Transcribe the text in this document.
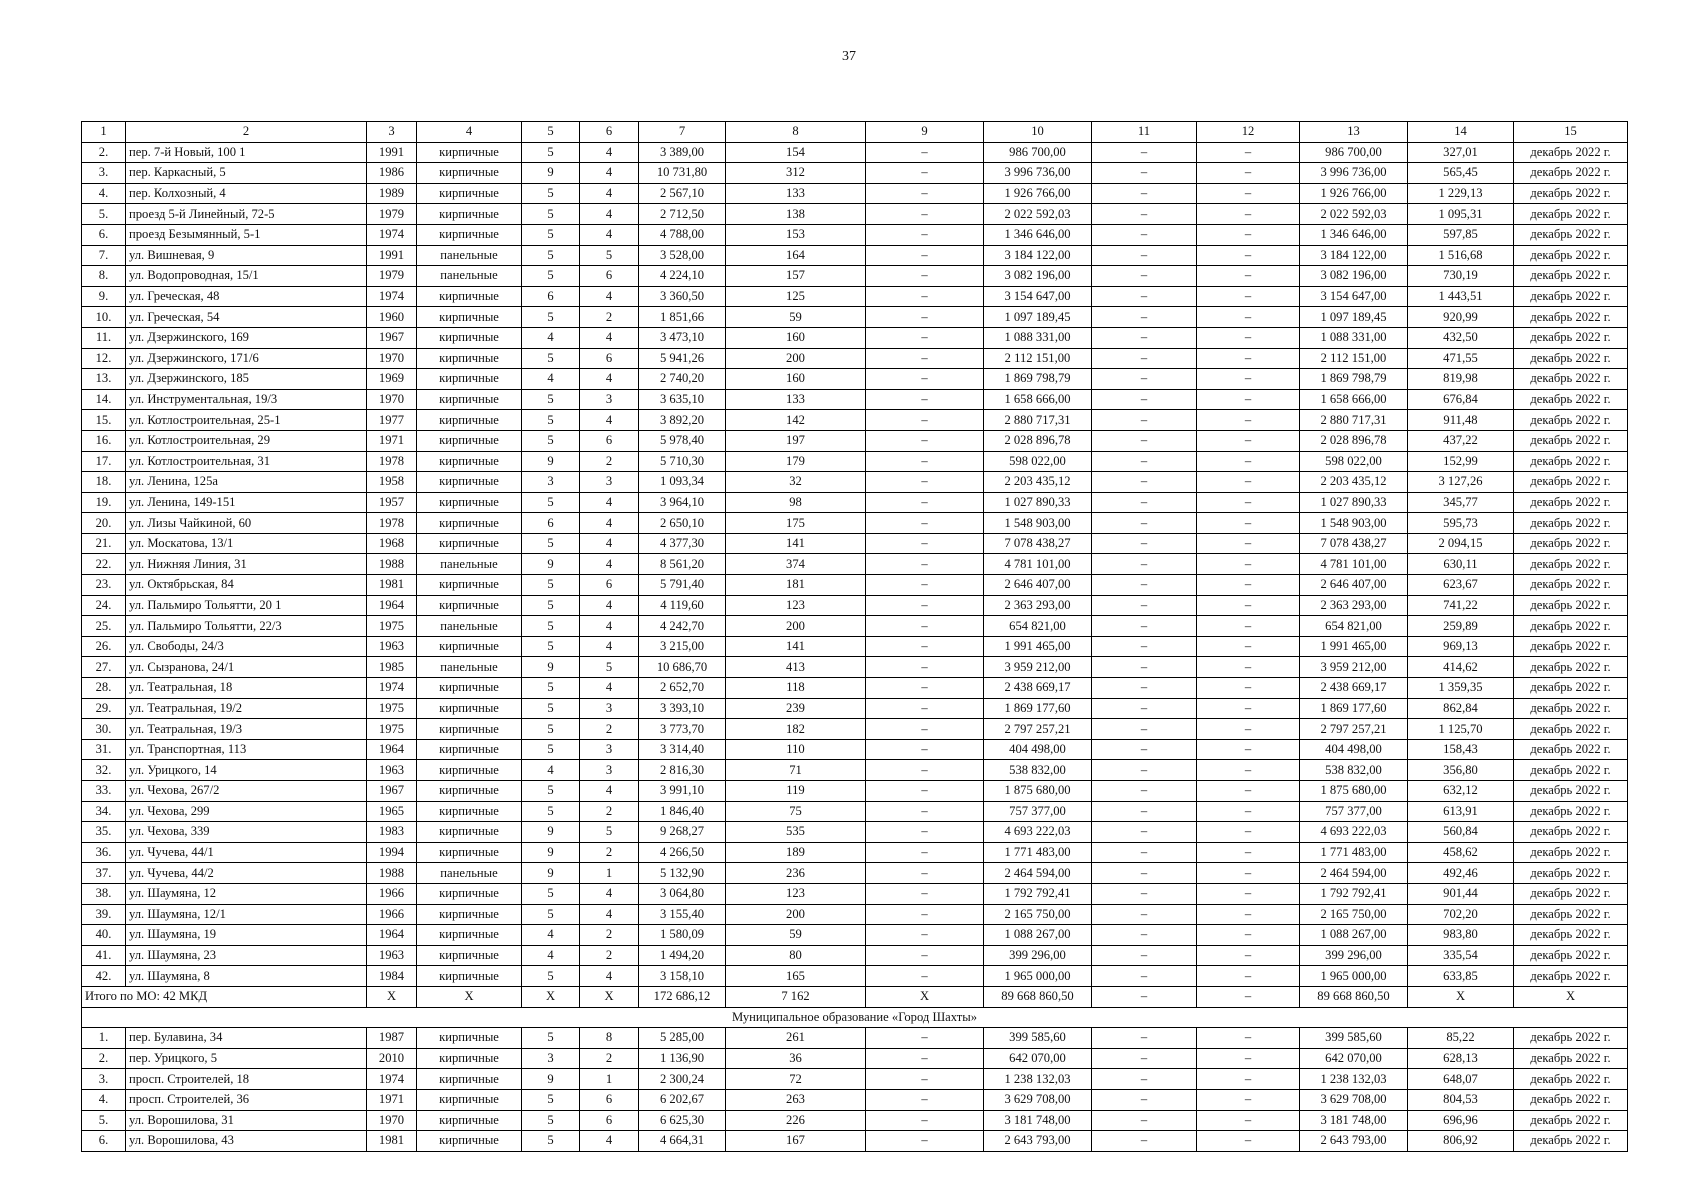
37
1	2	3	4	5	6	7	8	9	10	11	12	13	14	15
2.	пер. 7-й Новый, 100 1	1991	кирпичные	5	4	3 389,00	154	–	986 700,00	–	–	986 700,00	327,01	декабрь 2022 г.
3.	пер. Каркасный, 5	1986	кирпичные	9	4	10 731,80	312	–	3 996 736,00	–	–	3 996 736,00	565,45	декабрь 2022 г.
4.	пер. Колхозный, 4	1989	кирпичные	5	4	2 567,10	133	–	1 926 766,00	–	–	1 926 766,00	1 229,13	декабрь 2022 г.
5.	проезд 5-й Линейный, 72-5	1979	кирпичные	5	4	2 712,50	138	–	2 022 592,03	–	–	2 022 592,03	1 095,31	декабрь 2022 г.
6.	проезд Безымянный, 5-1	1974	кирпичные	5	4	4 788,00	153	–	1 346 646,00	–	–	1 346 646,00	597,85	декабрь 2022 г.
7.	ул. Вишневая, 9	1991	панельные	5	5	3 528,00	164	–	3 184 122,00	–	–	3 184 122,00	1 516,68	декабрь 2022 г.
8.	ул. Водопроводная, 15/1	1979	панельные	5	6	4 224,10	157	–	3 082 196,00	–	–	3 082 196,00	730,19	декабрь 2022 г.
9.	ул. Греческая, 48	1974	кирпичные	6	4	3 360,50	125	–	3 154 647,00	–	–	3 154 647,00	1 443,51	декабрь 2022 г.
10.	ул. Греческая, 54	1960	кирпичные	5	2	1 851,66	59	–	1 097 189,45	–	–	1 097 189,45	920,99	декабрь 2022 г.
11.	ул. Дзержинского, 169	1967	кирпичные	4	4	3 473,10	160	–	1 088 331,00	–	–	1 088 331,00	432,50	декабрь 2022 г.
12.	ул. Дзержинского, 171/6	1970	кирпичные	5	6	5 941,26	200	–	2 112 151,00	–	–	2 112 151,00	471,55	декабрь 2022 г.
13.	ул. Дзержинского, 185	1969	кирпичные	4	4	2 740,20	160	–	1 869 798,79	–	–	1 869 798,79	819,98	декабрь 2022 г.
14.	ул. Инструментальная, 19/3	1970	кирпичные	5	3	3 635,10	133	–	1 658 666,00	–	–	1 658 666,00	676,84	декабрь 2022 г.
15.	ул. Котлостроительная, 25-1	1977	кирпичные	5	4	3 892,20	142	–	2 880 717,31	–	–	2 880 717,31	911,48	декабрь 2022 г.
16.	ул. Котлостроительная, 29	1971	кирпичные	5	6	5 978,40	197	–	2 028 896,78	–	–	2 028 896,78	437,22	декабрь 2022 г.
17.	ул. Котлостроительная, 31	1978	кирпичные	9	2	5 710,30	179	–	598 022,00	–	–	598 022,00	152,99	декабрь 2022 г.
18.	ул. Ленина, 125а	1958	кирпичные	3	3	1 093,34	32	–	2 203 435,12	–	–	2 203 435,12	3 127,26	декабрь 2022 г.
19.	ул. Ленина, 149-151	1957	кирпичные	5	4	3 964,10	98	–	1 027 890,33	–	–	1 027 890,33	345,77	декабрь 2022 г.
20.	ул. Лизы Чайкиной, 60	1978	кирпичные	6	4	2 650,10	175	–	1 548 903,00	–	–	1 548 903,00	595,73	декабрь 2022 г.
21.	ул. Москатова, 13/1	1968	кирпичные	5	4	4 377,30	141	–	7 078 438,27	–	–	7 078 438,27	2 094,15	декабрь 2022 г.
22.	ул. Нижняя Линия, 31	1988	панельные	9	4	8 561,20	374	–	4 781 101,00	–	–	4 781 101,00	630,11	декабрь 2022 г.
23.	ул. Октябрьская, 84	1981	кирпичные	5	6	5 791,40	181	–	2 646 407,00	–	–	2 646 407,00	623,67	декабрь 2022 г.
24.	ул. Пальмиро Тольятти, 20 1	1964	кирпичные	5	4	4 119,60	123	–	2 363 293,00	–	–	2 363 293,00	741,22	декабрь 2022 г.
25.	ул. Пальмиро Тольятти, 22/3	1975	панельные	5	4	4 242,70	200	–	654 821,00	–	–	654 821,00	259,89	декабрь 2022 г.
26.	ул. Свободы, 24/3	1963	кирпичные	5	4	3 215,00	141	–	1 991 465,00	–	–	1 991 465,00	969,13	декабрь 2022 г.
27.	ул. Сызранова, 24/1	1985	панельные	9	5	10 686,70	413	–	3 959 212,00	–	–	3 959 212,00	414,62	декабрь 2022 г.
28.	ул. Театральная, 18	1974	кирпичные	5	4	2 652,70	118	–	2 438 669,17	–	–	2 438 669,17	1 359,35	декабрь 2022 г.
29.	ул. Театральная, 19/2	1975	кирпичные	5	3	3 393,10	239	–	1 869 177,60	–	–	1 869 177,60	862,84	декабрь 2022 г.
30.	ул. Театральная, 19/3	1975	кирпичные	5	2	3 773,70	182	–	2 797 257,21	–	–	2 797 257,21	1 125,70	декабрь 2022 г.
31.	ул. Транспортная, 113	1964	кирпичные	5	3	3 314,40	110	–	404 498,00	–	–	404 498,00	158,43	декабрь 2022 г.
32.	ул. Урицкого, 14	1963	кирпичные	4	3	2 816,30	71	–	538 832,00	–	–	538 832,00	356,80	декабрь 2022 г.
33.	ул. Чехова, 267/2	1967	кирпичные	5	4	3 991,10	119	–	1 875 680,00	–	–	1 875 680,00	632,12	декабрь 2022 г.
34.	ул. Чехова, 299	1965	кирпичные	5	2	1 846,40	75	–	757 377,00	–	–	757 377,00	613,91	декабрь 2022 г.
35.	ул. Чехова, 339	1983	кирпичные	9	5	9 268,27	535	–	4 693 222,03	–	–	4 693 222,03	560,84	декабрь 2022 г.
36.	ул. Чучева, 44/1	1994	кирпичные	9	2	4 266,50	189	–	1 771 483,00	–	–	1 771 483,00	458,62	декабрь 2022 г.
37.	ул. Чучева, 44/2	1988	панельные	9	1	5 132,90	236	–	2 464 594,00	–	–	2 464 594,00	492,46	декабрь 2022 г.
38.	ул. Шаумяна, 12	1966	кирпичные	5	4	3 064,80	123	–	1 792 792,41	–	–	1 792 792,41	901,44	декабрь 2022 г.
39.	ул. Шаумяна, 12/1	1966	кирпичные	5	4	3 155,40	200	–	2 165 750,00	–	–	2 165 750,00	702,20	декабрь 2022 г.
40.	ул. Шаумяна, 19	1964	кирпичные	4	2	1 580,09	59	–	1 088 267,00	–	–	1 088 267,00	983,80	декабрь 2022 г.
41.	ул. Шаумяна, 23	1963	кирпичные	4	2	1 494,20	80	–	399 296,00	–	–	399 296,00	335,54	декабрь 2022 г.
42.	ул. Шаумяна, 8	1984	кирпичные	5	4	3 158,10	165	–	1 965 000,00	–	–	1 965 000,00	633,85	декабрь 2022 г.
Итого по МО: 42 МКД		X	X	X	X	172 686,12	7 162	X	89 668 860,50	–	–	89 668 860,50	X	X
Муниципальное образование «Город Шахты»														
1.	пер. Булавина, 34	1987	кирпичные	5	8	5 285,00	261	–	399 585,60	–	–	399 585,60	85,22	декабрь 2022 г.
2.	пер. Урицкого, 5	2010	кирпичные	3	2	1 136,90	36	–	642 070,00	–	–	642 070,00	628,13	декабрь 2022 г.
3.	просп. Строителей, 18	1974	кирпичные	9	1	2 300,24	72	–	1 238 132,03	–	–	1 238 132,03	648,07	декабрь 2022 г.
4.	просп. Строителей, 36	1971	кирпичные	5	6	6 202,67	263	–	3 629 708,00	–	–	3 629 708,00	804,53	декабрь 2022 г.
5.	ул. Ворошилова, 31	1970	кирпичные	5	6	6 625,30	226	–	3 181 748,00	–	–	3 181 748,00	696,96	декабрь 2022 г.
6.	ул. Ворошилова, 43	1981	кирпичные	5	4	4 664,31	167	–	2 643 793,00	–	–	2 643 793,00	806,92	декабрь 2022 г.
